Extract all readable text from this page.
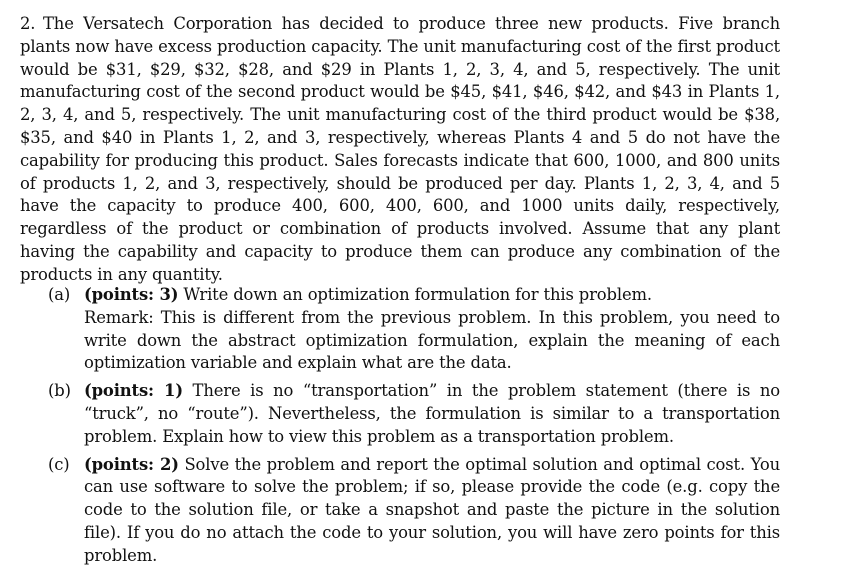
2. The Versatech Corporation has decided to produce three new products. Five branch plants now have excess production capacity. The unit manufacturing cost of the first product would be $31, $29, $32, $28, and $29 in Plants 1, 2, 3, 4, and 5, respectively. The unit manufacturing cost of the second product would be $45, $41, $46, $42, and $43 in Plants 1, 2, 3, 4, and 5, respectively. The unit manufacturing cost of the third product would be $38, $35, and $40 in Plants 1, 2, and 3, respectively, whereas Plants 4 and 5 do not have the capability for producing this product. Sales forecasts indicate that 600, 1000, and 800 units of products 1, 2, and 3, respectively, should be produced per day. Plants 1, 2, 3, 4, and 5 have the capacity to produce 400, 600, 400, 600, and 1000 units daily, respectively, regardless of the product or combination of products involved. Assume that any plant having the capability and capacity to produce them can produce any combination of the products in any quantity.
(a) (points: 3) Write down an optimization formulation for this problem.
Remark: This is different from the previous problem. In this problem, you need to write down the abstract optimization formulation, explain the meaning of each optimization variable and explain what are the data.
(b) (points: 1) There is no “transportation” in the problem statement (there is no “truck”, no “route”). Nevertheless, the formulation is similar to a transportation problem. Explain how to view this problem as a transportation problem.
(c) (points: 2) Solve the problem and report the optimal solution and optimal cost. You can use software to solve the problem; if so, please provide the code (e.g. copy the code to the solution file, or take a snapshot and paste the picture in the solution file). If you do no attach the code to your solution, you will have zero points for this problem.
